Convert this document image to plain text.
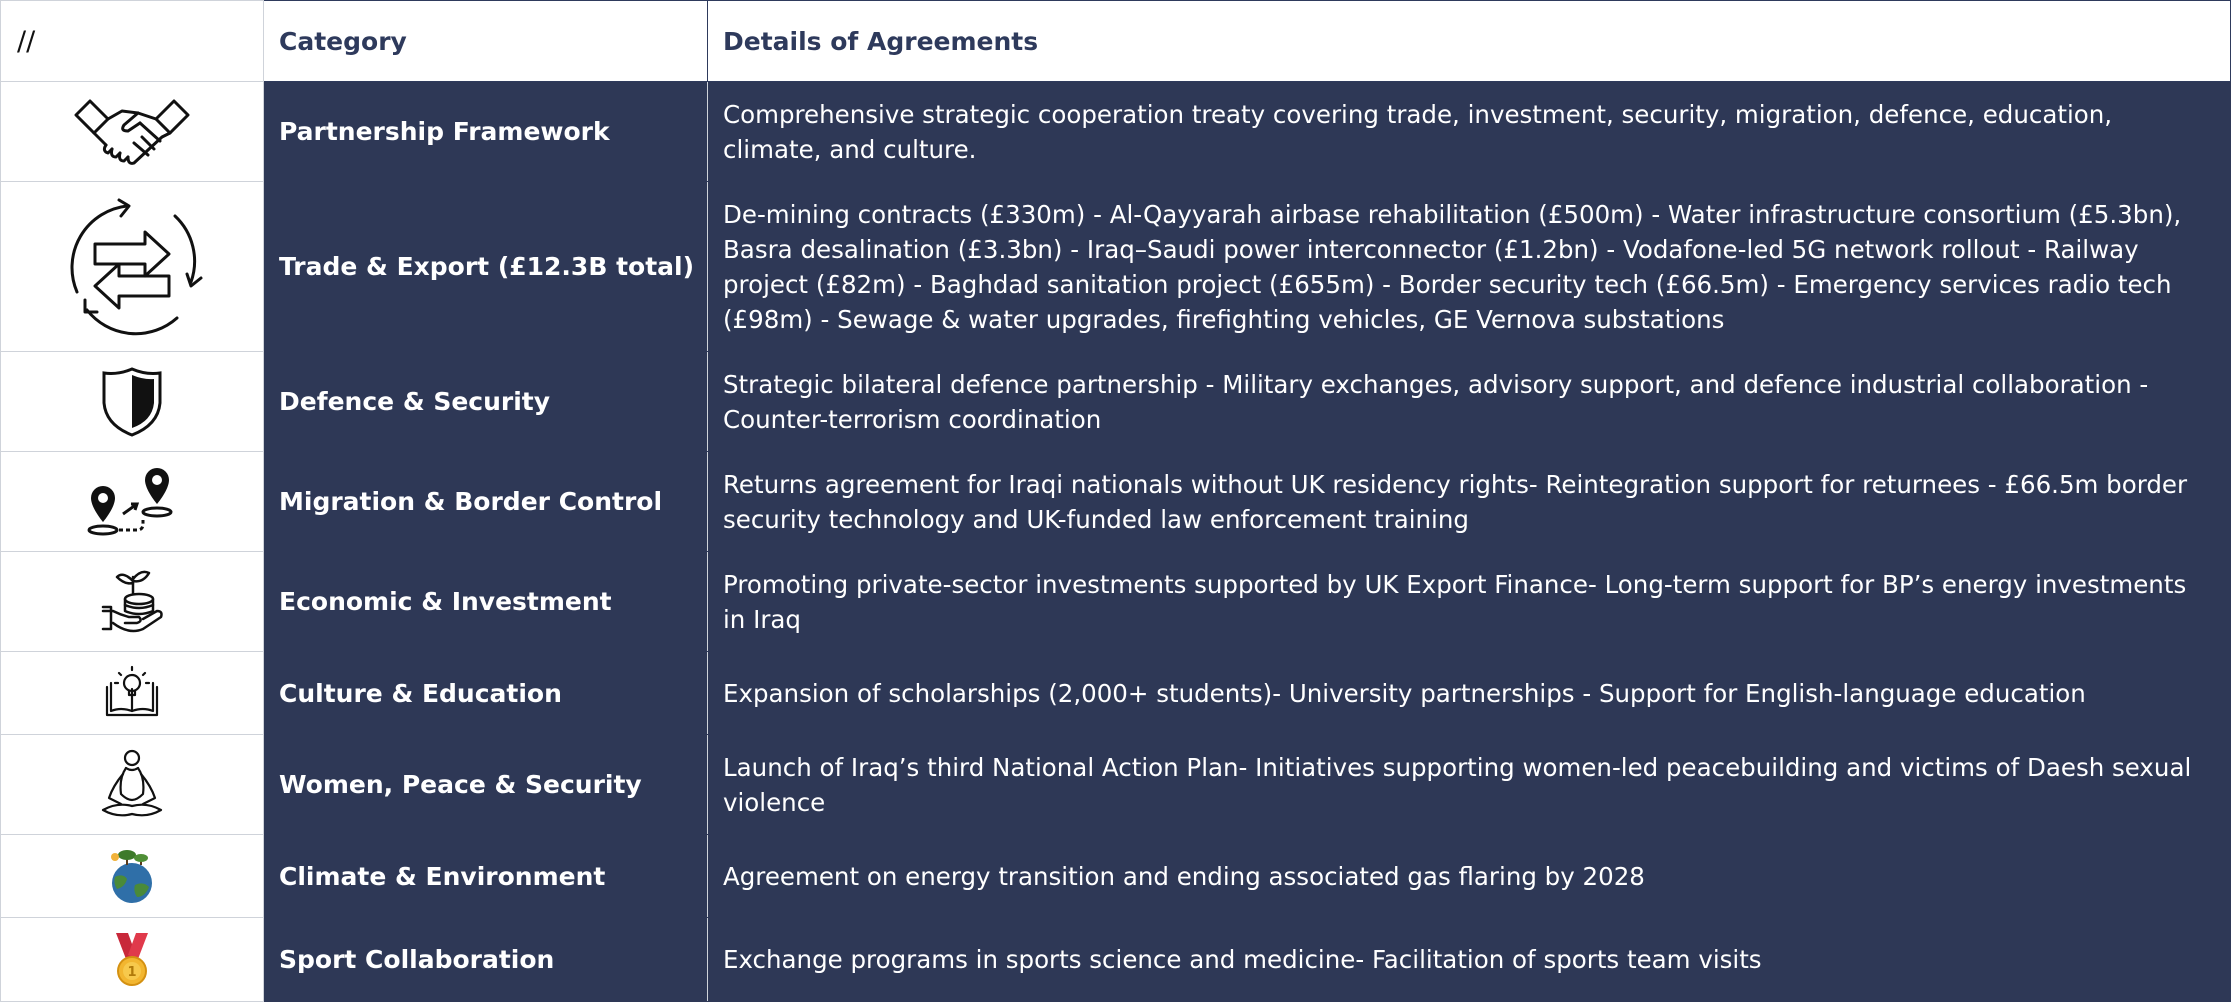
//	Category	Details of Agreements
	Partnership Framework	Comprehensive strategic cooperation treaty covering trade, investment, security, migration, defence, education, climate, and culture.
	Trade & Export (£12.3B total)	De-mining contracts (£330m) - Al-Qayyarah airbase rehabilitation (£500m) - Water infrastructure consortium (£5.3bn), Basra desalination (£3.3bn) - Iraq–Saudi power interconnector (£1.2bn) - Vodafone-led 5G network rollout - Railway project (£82m) - Baghdad sanitation project (£655m) - Border security tech (£66.5m) - Emergency services radio tech (£98m) - Sewage & water upgrades, firefighting vehicles, GE Vernova substations
	Defence & Security	Strategic bilateral defence partnership - Military exchanges, advisory support, and defence industrial collaboration - Counter-terrorism coordination
	Migration & Border Control	Returns agreement for Iraqi nationals without UK residency rights- Reintegration support for returnees - £66.5m border security technology and UK-funded law enforcement training
	Economic & Investment	Promoting private-sector investments supported by UK Export Finance- Long-term support for BP’s energy investments in Iraq
	Culture & Education	Expansion of scholarships (2,000+ students)- University partnerships - Support for English-language education
	Women, Peace & Security	Launch of Iraq’s third National Action Plan- Initiatives supporting women-led peacebuilding and victims of Daesh sexual violence
	Climate & Environment	Agreement on energy transition and ending associated gas flaring by 2028

1	Sport Collaboration	Exchange programs in sports science and medicine- Facilitation of sports team visits
